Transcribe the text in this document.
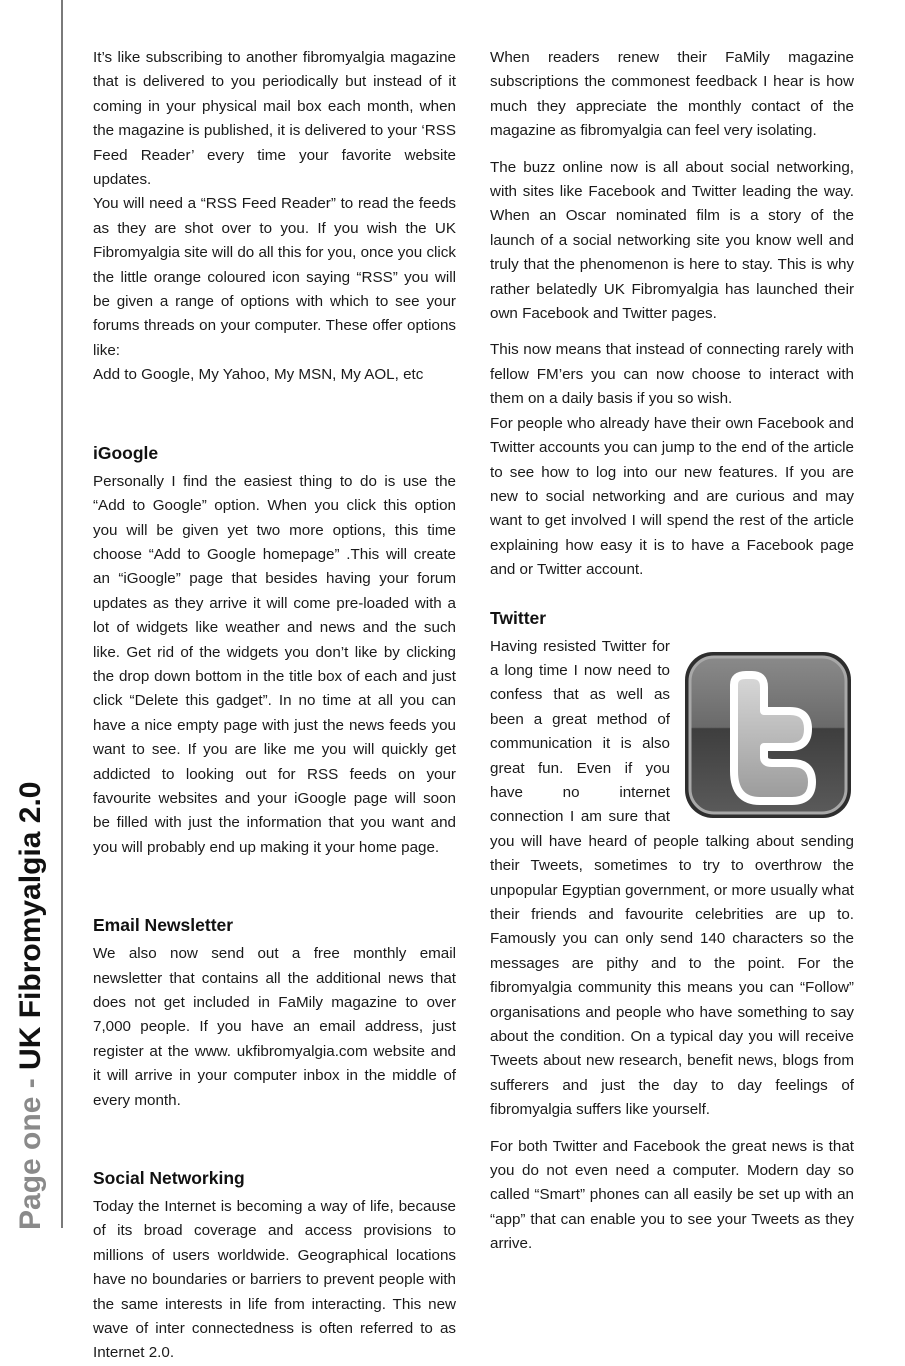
Page one - UK Fibromyalgia 2.0

It’s like subscribing to another fibromyalgia magazine that is delivered to you periodically but instead of it coming in your physical mail box each month, when the magazine is published, it is delivered to your ‘RSS Feed Reader’ every time your favorite website updates.

You will need a “RSS Feed Reader” to read the feeds as they are shot over to you. If you wish the UK Fibromyalgia site will do all this for you, once you click the little orange coloured icon saying “RSS” you will be given a range of options with which to see your forums threads on your computer. These offer options like:

Add to Google, My Yahoo, My MSN, My AOL, etc

iGoogle

Personally I find the easiest thing to do is use the “Add to Google” option. When you click this option you will be given yet two more options, this time choose “Add to Google homepage” .This will create an “iGoogle” page that besides having your forum updates as they arrive it will come pre-loaded with a lot of widgets like weather and news and the such like. Get rid of the widgets you don’t like by clicking the drop down bottom in the title box of each and just click “Delete this gadget”. In no time at all you can have a nice empty page with just the news feeds you want to see. If you are like me you will quickly get addicted to looking out for RSS feeds on your favourite websites and your iGoogle page will soon be filled with just the information that you want and you will probably end up making it your home page.

Email Newsletter

We also now send out a free monthly email newsletter that contains all the additional news that does not get included in FaMily magazine to over 7,000 people. If you have an email address, just register at the www. ukfibromyalgia.com website and it will arrive in your computer inbox in the middle of every month.

Social Networking

Today the Internet is becoming a way of life, because of its broad coverage and access provisions to millions of users worldwide. Geographical locations have no boundaries or barriers to prevent people with the same interests in life from interacting. This new wave of inter connectedness is often referred to as Internet 2.0.

When readers renew their FaMily magazine subscriptions the commonest feedback I hear is how much they appreciate the monthly contact of the magazine as fibromyalgia can feel very isolating.

The buzz online now is all about social networking, with sites like Facebook and Twitter leading the way. When an Oscar nominated film is a story of the launch of a social networking site you know well and truly that the phenomenon is here to stay. This is why rather belatedly UK Fibromyalgia has launched their own Facebook and Twitter pages.

This now means that instead of connecting rarely with fellow FM’ers you can now choose to interact with them on a daily basis if you so wish.

For people who already have their own Facebook and Twitter accounts you can jump to the end of the article to see how to log into our new features. If you are new to social networking and are curious and may want to get involved I will spend the rest of the article explaining how easy it is to have a Facebook page and or Twitter account.

Twitter

Having resisted Twitter for a long time I now need to confess that as well as been a great method of communication it is also great fun. Even if you have no internet connection I am sure that you will have heard of people talking about sending their Tweets, sometimes to try to overthrow the unpopular Egyptian government, or more usually what their friends and favourite celebrities are up to. Famously you can only send 140 characters so the messages are pithy and to the point. For the fibromyalgia community this means you can “Follow” organisations and people who have something to say about the condition. On a typical day you will receive Tweets about new research, benefit news, blogs from sufferers and just the day to day feelings of fibromyalgia suffers like yourself.

For both Twitter and Facebook the great news is that you do not even need a computer. Modern day so called “Smart” phones can all easily be set up with an “app” that can enable you to see your Tweets as they arrive.
